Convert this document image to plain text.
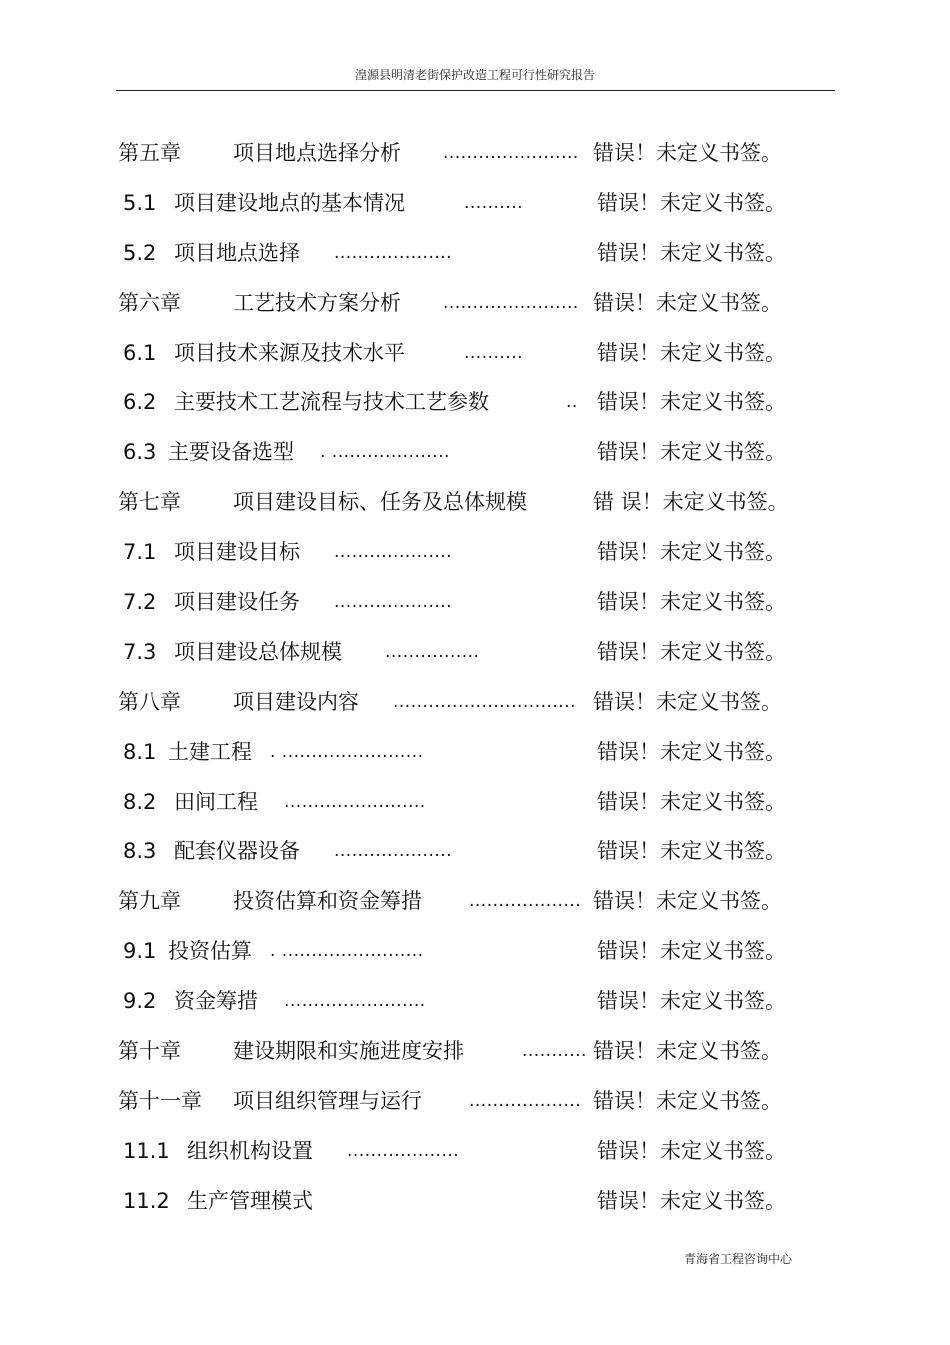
湟源县明清老街保护改造工程可行性研究报告
第五章 项目地点选择分析 ....................... 错误！未定义书签。
5.1 项目建设地点的基本情况	..........	错误！未定义书签。
5.2 项目地点选择 ....................	错误！未定义书签。
第六章 工艺技术方案分析 ....................... 错误！未定义书签。
6.1 项目技术来源及技术水平	..........	错误！未定义书签。
6.2 主要技术工艺流程与技术工艺参数	.. 错误！未定义书签。
6.3 主要设备选型 . ....................	错误！未定义书签。
第七章 项目建设目标、任务及总体规模	错 误！未定义书签。
7.1 项目建设目标 ....................	错误！未定义书签。
7.2 项目建设任务 ....................	错误！未定义书签。
7.3 项目建设总体规模	................	错误！未定义书签。
第八章 项目建设内容 ............................... 错误！未定义书签。
8.1 土建工程 . ........................	错误！未定义书签。
8.2 田间工程 ........................	错误！未定义书签。
8.3 配套仪器设备 ....................	错误！未定义书签。
第九章 投资估算和资金筹措	................... 错误！未定义书签。
9.1 投资估算 . ........................	错误！未定义书签。
9.2 资金筹措 ........................	错误！未定义书签。
第十章 建设期限和实施进度安排	........... 错误！未定义书签。
第十一章 项目组织管理与运行	................... 错误！未定义书签。
11.1 组织机构设置 ...................	错误！未定义书签。
11.2 生产管理模式	错误！未定义书签。
青海省工程咨询中心
